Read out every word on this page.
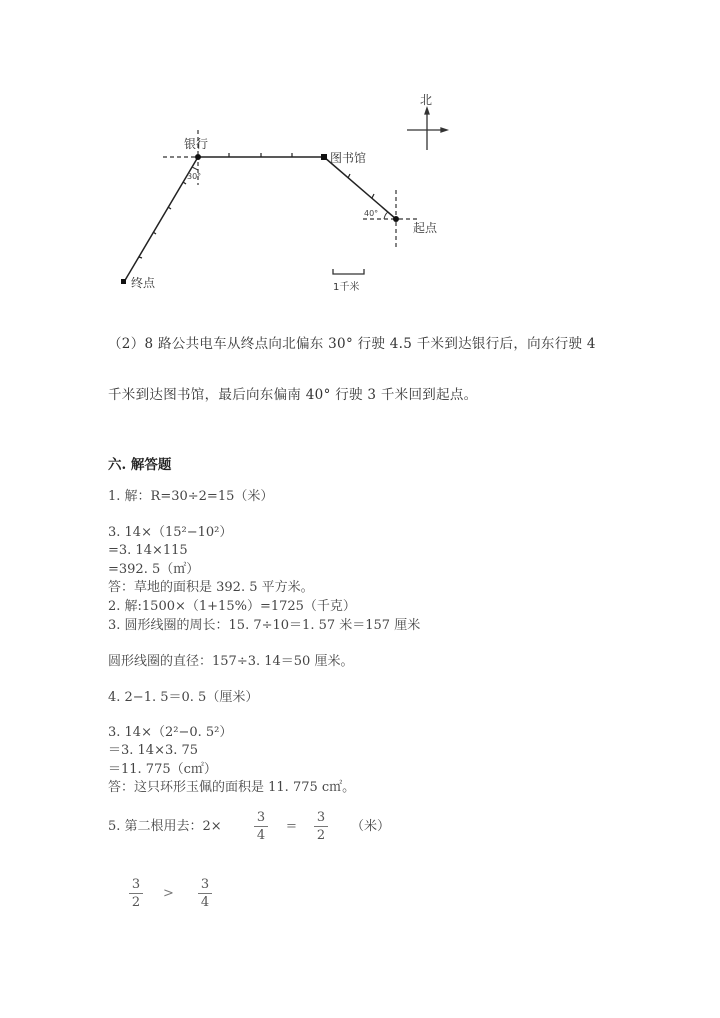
北
银行
图书馆
起点
终点
30°
40°
1千米
（2）8 路公共电车从终点向北偏东 30° 行驶 4.5 千米到达银行后，向东行驶 4
千米到达图书馆，最后向东偏南 40° 行驶 3 千米回到起点。
六. 解答题
1. 解：R=30÷2=15（米）
3. 14×（15²−10²）
=3. 14×115
=392. 5（㎡）
答：草地的面积是 392. 5 平方米。
2. 解:1500×（1+15%）=1725（千克）
3. 圆形线圈的周长：15. 7÷10＝1. 57 米＝157 厘米
圆形线圈的直径：157÷3. 14＝50 厘米。
4. 2−1. 5＝0. 5（厘米）
3. 14×（2²−0. 5²）
＝3. 14×3. 75
＝11. 775（c㎡）
答：这只环形玉佩的面积是 11. 775 c㎡。
5. 第二根用去：$2\times \frac{3}{4} = \frac{3}{2}$ （米）
$\frac{3}{2} > \frac{3}{4}$
